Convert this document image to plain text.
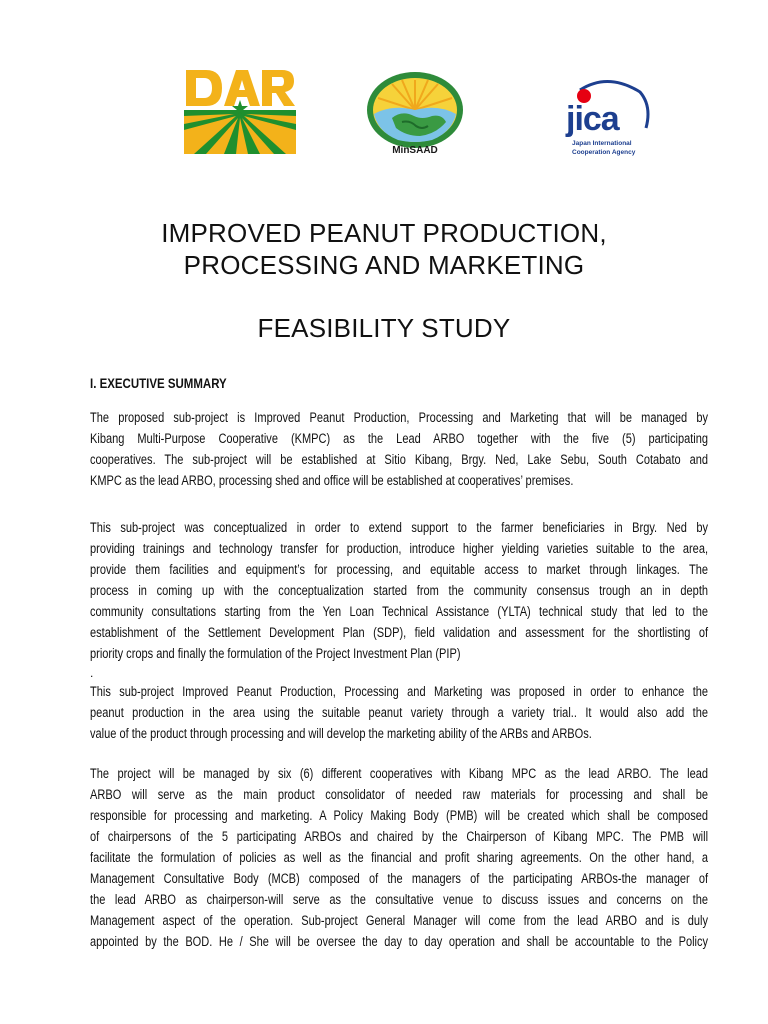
MinSAAD
jica
Japan International
Cooperation Agency
IMPROVED PEANUT PRODUCTION,
PROCESSING AND MARKETING
FEASIBILITY STUDY
I. EXECUTIVE SUMMARY
The proposed sub-project is Improved Peanut Production, Processing and Marketing that will be managed by
Kibang Multi-Purpose Cooperative (KMPC) as the Lead ARBO together with the five (5) participating
cooperatives. The sub-project will be established at Sitio Kibang, Brgy. Ned, Lake Sebu, South Cotabato and
KMPC as the lead ARBO, processing shed and office will be established at cooperatives’ premises.
This sub-project was conceptualized in order to extend support to the farmer beneficiaries in Brgy. Ned by
providing trainings and technology transfer for production, introduce higher yielding varieties suitable to the area,
provide them facilities and equipment’s for processing, and equitable access to market through linkages. The
process in coming up with the conceptualization started from the community consensus trough an in depth
community consultations starting from the Yen Loan Technical Assistance (YLTA) technical study that led to the
establishment of the Settlement Development Plan (SDP), field validation and assessment for the shortlisting of
priority crops and finally the formulation of the Project Investment Plan (PIP)
.
This sub-project Improved Peanut Production, Processing and Marketing was proposed in order to enhance the
peanut production in the area using the suitable peanut variety through a variety trial.. It would also add the
value of the product through processing and will develop the marketing ability of the ARBs and ARBOs.
The project will be managed by six (6) different cooperatives with Kibang MPC as the lead ARBO. The lead
ARBO will serve as the main product consolidator of needed raw materials for processing and shall be
responsible for processing and marketing. A Policy Making Body (PMB) will be created which shall be composed
of chairpersons of the 5 participating ARBOs and chaired by the Chairperson of Kibang MPC. The PMB will
facilitate the formulation of policies as well as the financial and profit sharing agreements. On the other hand, a
Management Consultative Body (MCB) composed of the managers of the participating ARBOs-the manager of
the lead ARBO as chairperson-will serve as the consultative venue to discuss issues and concerns on the
Management aspect of the operation. Sub-project General Manager will come from the lead ARBO and is duly
appointed by the BOD. He / She will be oversee the day to day operation and shall be accountable to the Policy
